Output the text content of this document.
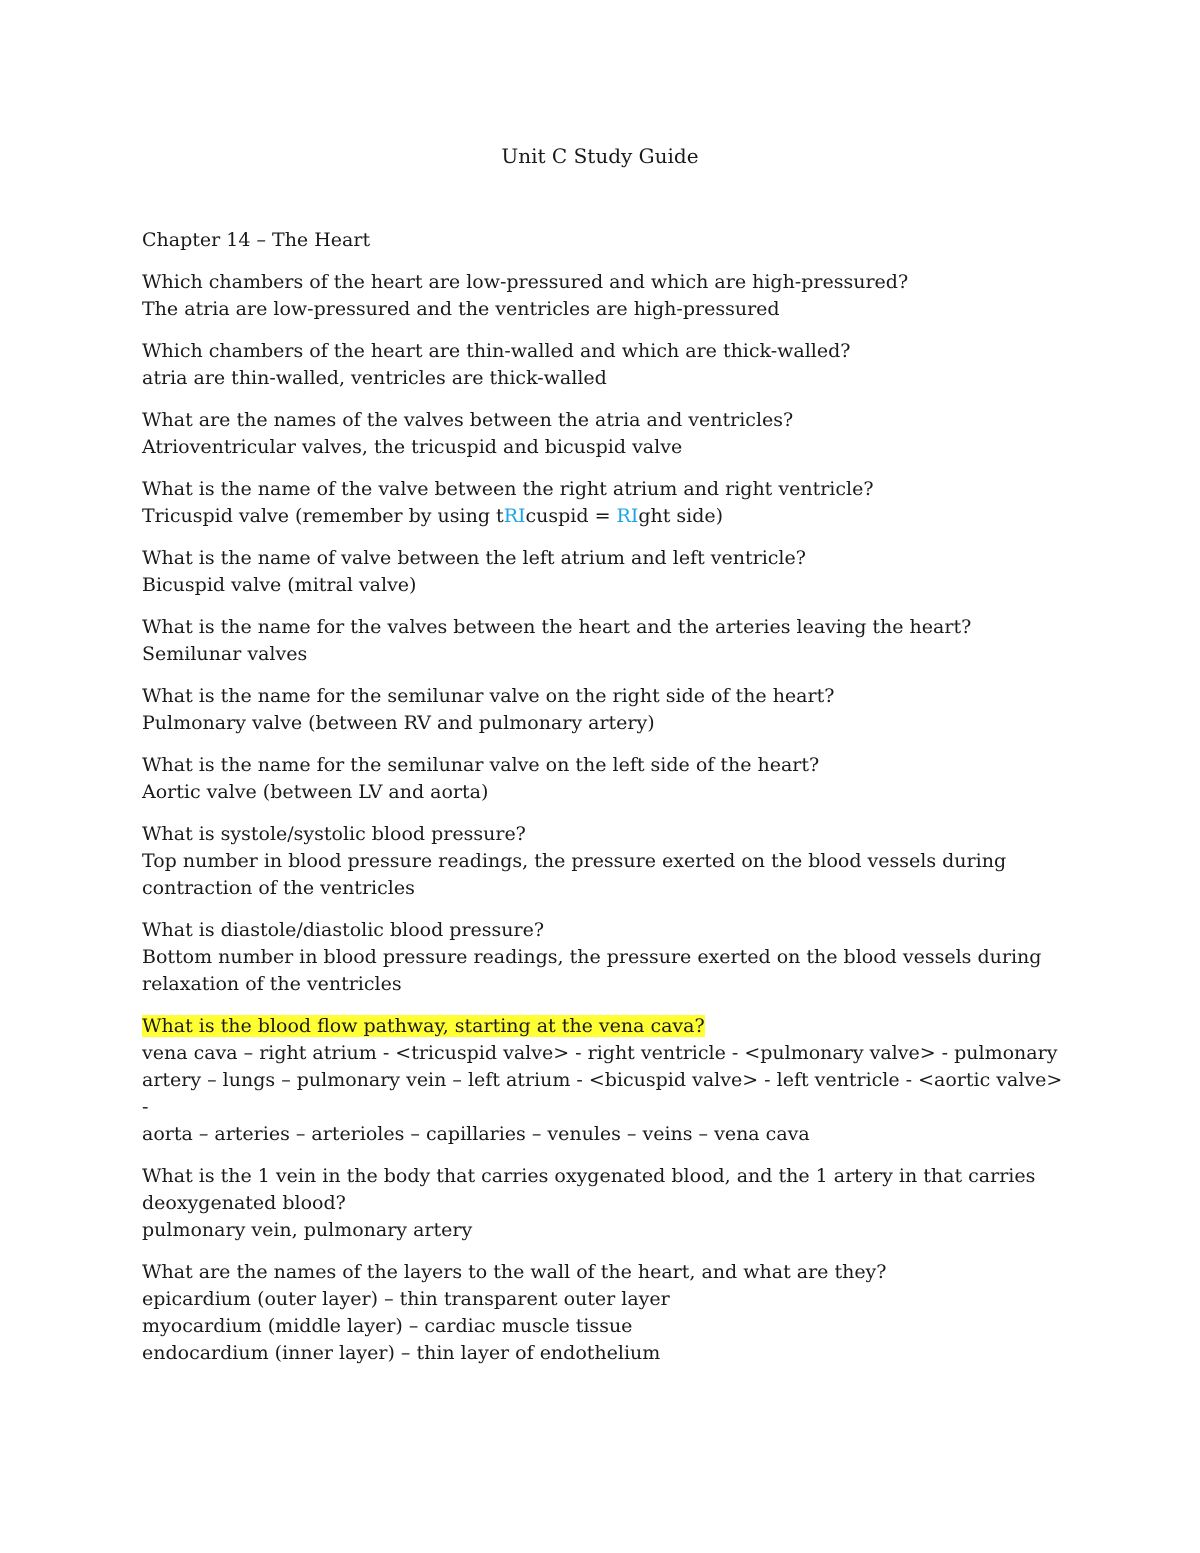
Unit C Study Guide
Chapter 14 – The Heart

Which chambers of the heart are low-pressured and which are high-pressured?

The atria are low-pressured and the ventricles are high-pressured

Which chambers of the heart are thin-walled and which are thick-walled?

atria are thin-walled, ventricles are thick-walled

What are the names of the valves between the atria and ventricles?

Atrioventricular valves, the tricuspid and bicuspid valve

What is the name of the valve between the right atrium and right ventricle?

Tricuspid valve (remember by using tRIcuspid = RIght side)

What is the name of valve between the left atrium and left ventricle?

Bicuspid valve (mitral valve)

What is the name for the valves between the heart and the arteries leaving the heart?

Semilunar valves

What is the name for the semilunar valve on the right side of the heart?

Pulmonary valve (between RV and pulmonary artery)

What is the name for the semilunar valve on the left side of the heart?

Aortic valve (between LV and aorta)

What is systole/systolic blood pressure?

Top number in blood pressure readings, the pressure exerted on the blood vessels during

contraction of the ventricles

What is diastole/diastolic blood pressure?

Bottom number in blood pressure readings, the pressure exerted on the blood vessels during

relaxation of the ventricles

What is the blood flow pathway, starting at the vena cava?

vena cava – right atrium - <tricuspid valve> - right ventricle - <pulmonary valve> - pulmonary

artery – lungs – pulmonary vein – left atrium - <bicuspid valve> - left ventricle - <aortic valve> -

aorta – arteries – arterioles – capillaries – venules – veins – vena cava

What is the 1 vein in the body that carries oxygenated blood, and the 1 artery in that carries

deoxygenated blood?

pulmonary vein, pulmonary artery

What are the names of the layers to the wall of the heart, and what are they?

epicardium (outer layer) – thin transparent outer layer

myocardium (middle layer) – cardiac muscle tissue

endocardium (inner layer) – thin layer of endothelium
